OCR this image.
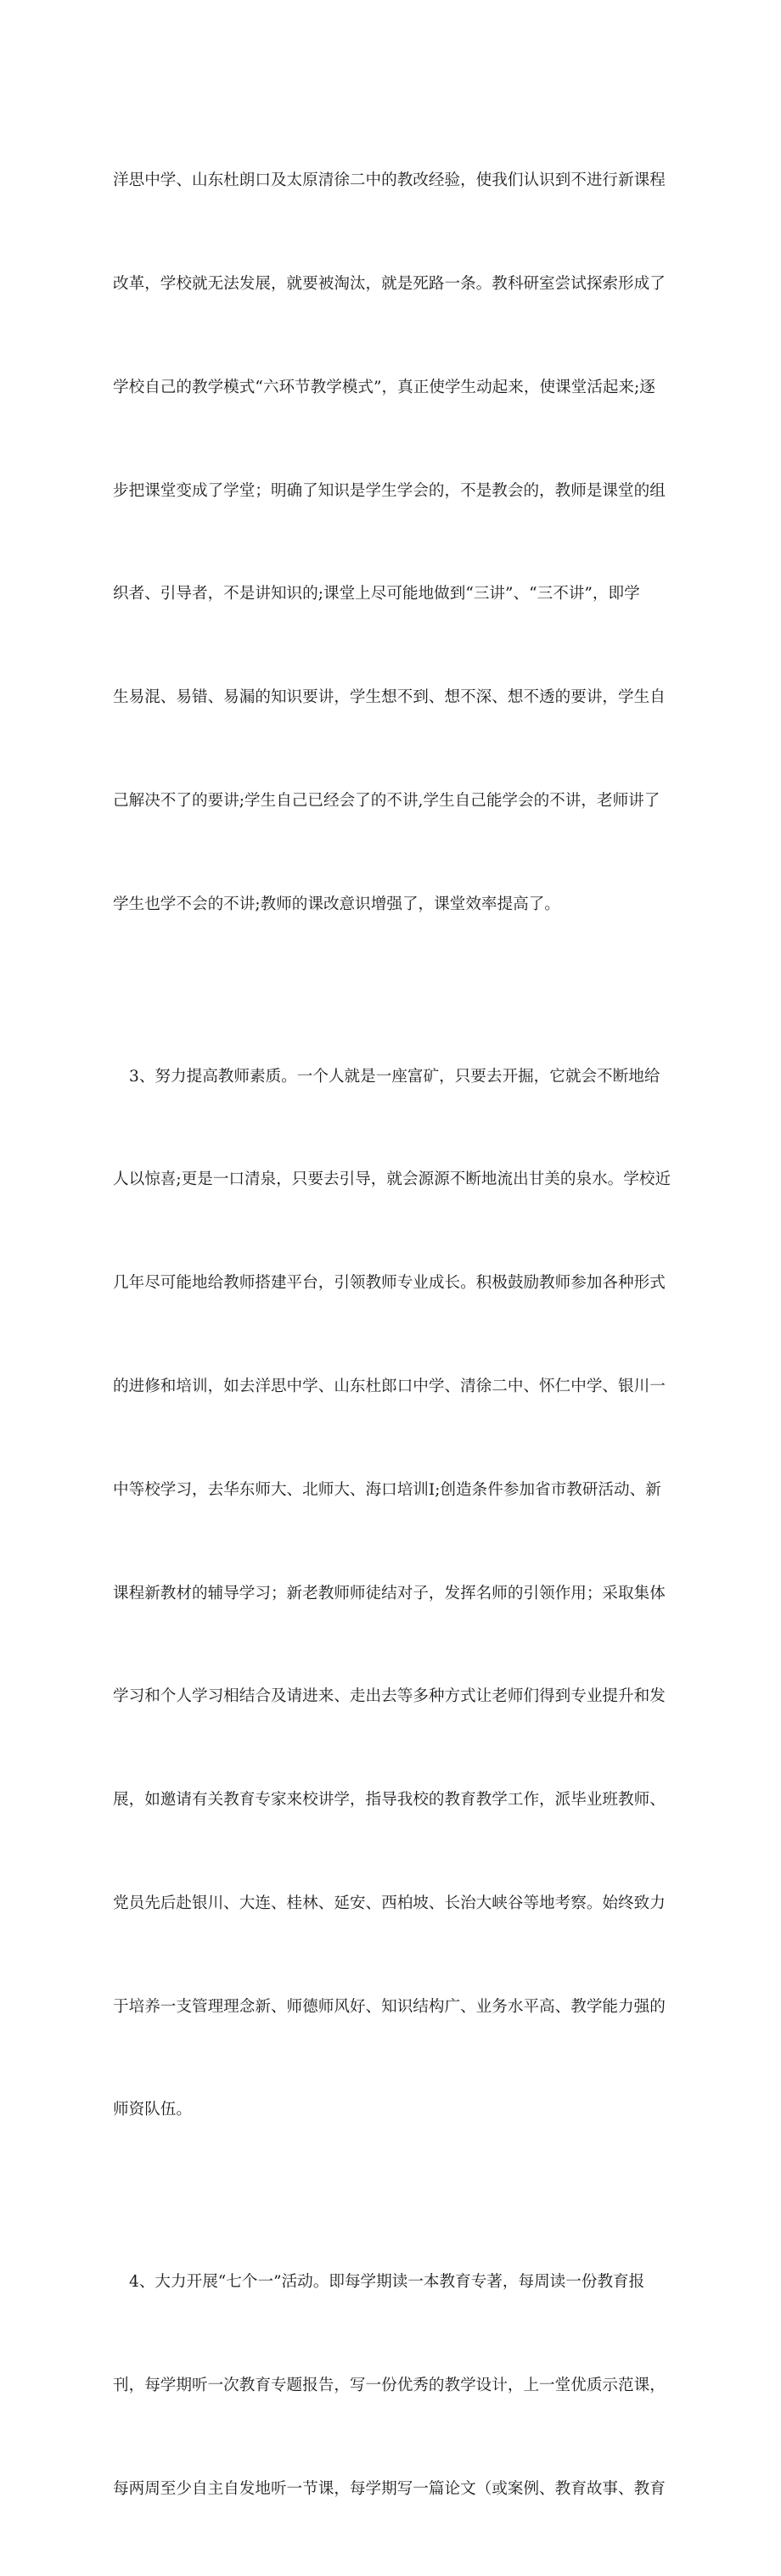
洋思中学、山东杜朗口及太原清徐二中的教改经验，使我们认识到不进行新课程

改革，学校就无法发展，就要被淘汰，就是死路一条。教科研室尝试探索形成了

学校自己的教学模式“六环节教学模式”，真正使学生动起来，使课堂活起来;逐

步把课堂变成了学堂；明确了知识是学生学会的，不是教会的，教师是课堂的组

织者、引导者，不是讲知识的;课堂上尽可能地做到“三讲”、“三不讲”，即学

生易混、易错、易漏的知识要讲，学生想不到、想不深、想不透的要讲，学生自

己解决不了的要讲;学生自己已经会了的不讲,学生自己能学会的不讲，老师讲了

学生也学不会的不讲;教师的课改意识增强了，课堂效率提高了。

3、努力提高教师素质。一个人就是一座富矿，只要去开掘，它就会不断地给

人以惊喜;更是一口清泉，只要去引导，就会源源不断地流出甘美的泉水。学校近

几年尽可能地给教师搭建平台，引领教师专业成长。积极鼓励教师参加各种形式

的进修和培训，如去洋思中学、山东杜郎口中学、清徐二中、怀仁中学、银川一

中等校学习，去华东师大、北师大、海口培训Ⅰ;创造条件参加省市教研活动、新

课程新教材的辅导学习；新老教师师徒结对子，发挥名师的引领作用；采取集体

学习和个人学习相结合及请进来、走出去等多种方式让老师们得到专业提升和发

展，如邀请有关教育专家来校讲学，指导我校的教育教学工作，派毕业班教师、

党员先后赴银川、大连、桂林、延安、西柏坡、长治大峡谷等地考察。始终致力

于培养一支管理理念新、师德师风好、知识结构广、业务水平高、教学能力强的

师资队伍。

4、大力开展“七个一”活动。即每学期读一本教育专著，每周读一份教育报

刊，每学期听一次教育专题报告，写一份优秀的教学设计，上一堂优质示范课，

每两周至少自主自发地听一节课，每学期写一篇论文（或案例、教育故事、教育
